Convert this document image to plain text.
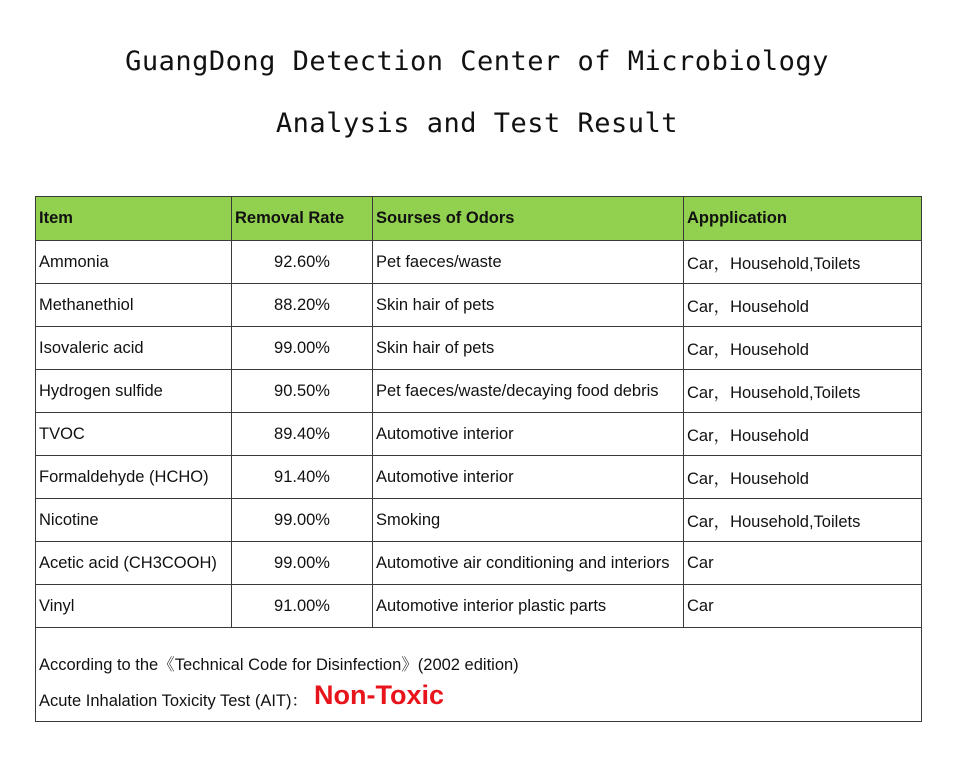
GuangDong Detection Center of Microbiology
Analysis and Test Result
Item	Removal Rate	Sourses of Odors	Appplication
Ammonia	92.60%	Pet faeces/waste	Car，Household,Toilets
Methanethiol	88.20%	Skin hair of pets	Car，Household
Isovaleric acid	99.00%	Skin hair of pets	Car，Household
Hydrogen sulfide	90.50%	Pet faeces/waste/decaying food debris	Car，Household,Toilets
TVOC	89.40%	Automotive interior	Car，Household
Formaldehyde (HCHO)	91.40%	Automotive interior	Car，Household
Nicotine	99.00%	Smoking	Car，Household,Toilets
Acetic acid (CH3COOH)	99.00%	Automotive air conditioning and interiors	Car
Vinyl	91.00%	Automotive interior plastic parts	Car

According to the《Technical Code for Disinfection》(2002 edition)
Acute Inhalation Toxicity Test (AIT)： Non-Toxic			
